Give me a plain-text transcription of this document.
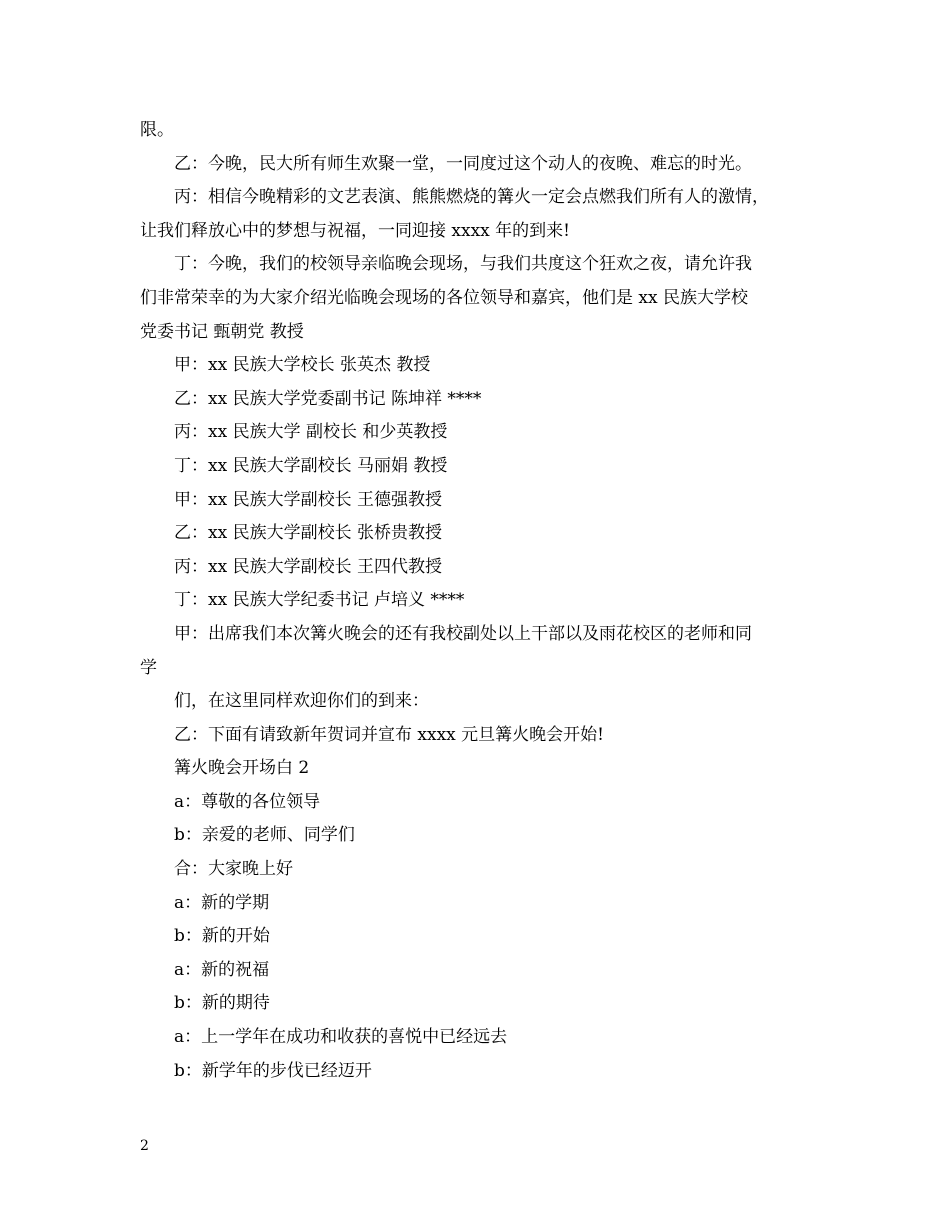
限。
乙：今晚，民大所有师生欢聚一堂，一同度过这个动人的夜晚、难忘的时光。
丙：相信今晚精彩的文艺表演、熊熊燃烧的篝火一定会点燃我们所有人的激情，
让我们释放心中的梦想与祝福，一同迎接 xxxx 年的到来!
丁：今晚，我们的校领导亲临晚会现场，与我们共度这个狂欢之夜，请允许我
们非常荣幸的为大家介绍光临晚会现场的各位领导和嘉宾，他们是 xx 民族大学校
党委书记 甄朝党 教授
甲：xx 民族大学校长 张英杰 教授
乙：xx 民族大学党委副书记 陈坤祥 ****
丙：xx 民族大学 副校长 和少英教授
丁：xx 民族大学副校长 马丽娟 教授
甲：xx 民族大学副校长 王德强教授
乙：xx 民族大学副校长 张桥贵教授
丙：xx 民族大学副校长 王四代教授
丁：xx 民族大学纪委书记 卢培义 ****
甲：出席我们本次篝火晚会的还有我校副处以上干部以及雨花校区的老师和同
学
们，在这里同样欢迎你们的到来：
乙：下面有请致新年贺词并宣布 xxxx 元旦篝火晚会开始!
篝火晚会开场白 2
a：尊敬的各位领导
b：亲爱的老师、同学们
合：大家晚上好
a：新的学期
b：新的开始
a：新的祝福
b：新的期待
a：上一学年在成功和收获的喜悦中已经远去
b：新学年的步伐已经迈开
2
